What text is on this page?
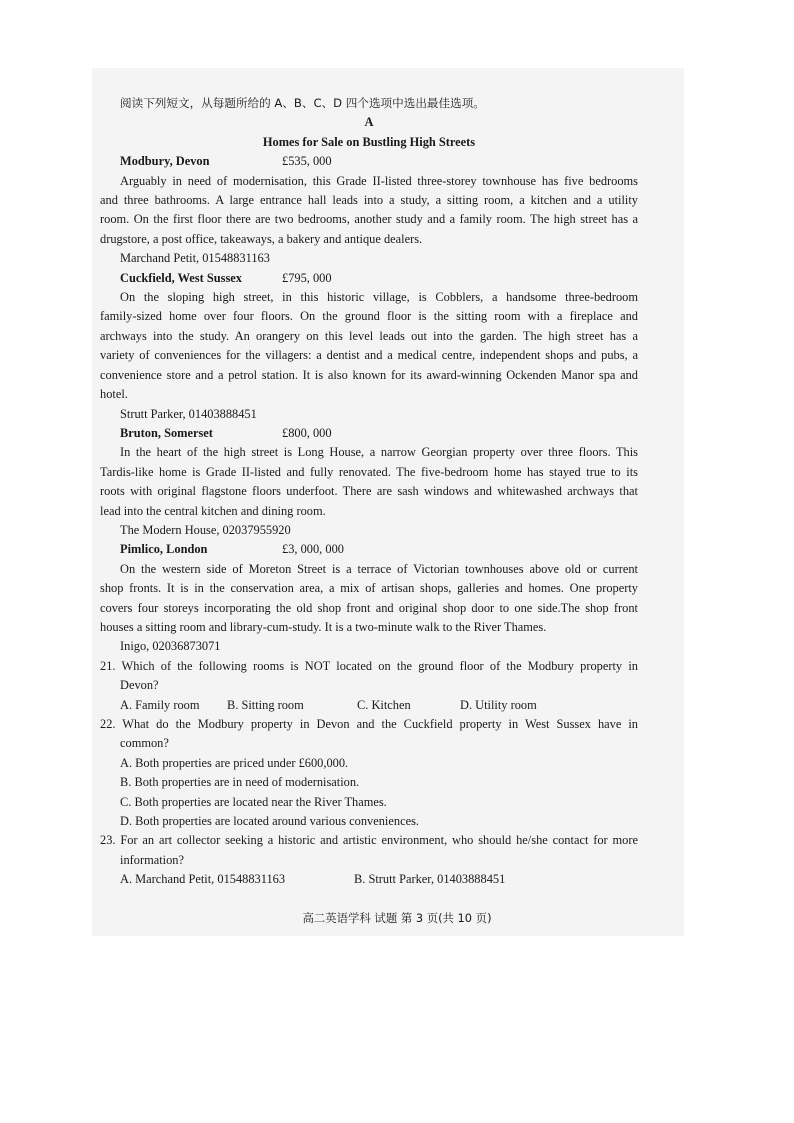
阅读下列短文，从每题所给的 A、B、C、D 四个选项中选出最佳选项。
A
Homes for Sale on Bustling High Streets
Modbury, Devon	£535, 000
Arguably in need of modernisation, this Grade II-listed three-storey townhouse has five bedrooms
and three bathrooms. A large entrance hall leads into a study, a sitting room, a kitchen and a utility
room. On the first floor there are two bedrooms, another study and a family room. The high street has a
drugstore, a post office, takeaways, a bakery and antique dealers.
Marchand Petit, 01548831163
Cuckfield, West Sussex	£795, 000
On the sloping high street, in this historic village, is Cobblers, a handsome three-bedroom
family-sized home over four floors. On the ground floor is the sitting room with a fireplace and
archways into the study. An orangery on this level leads out into the garden. The high street has a
variety of conveniences for the villagers: a dentist and a medical centre, independent shops and pubs, a
convenience store and a petrol station. It is also known for its award-winning Ockenden Manor spa and
hotel.
Strutt Parker, 01403888451
Bruton, Somerset	£800, 000
In the heart of the high street is Long House, a narrow Georgian property over three floors. This
Tardis-like home is Grade II-listed and fully renovated. The five-bedroom home has stayed true to its
roots with original flagstone floors underfoot. There are sash windows and whitewashed archways that
lead into the central kitchen and dining room.
The Modern House, 02037955920
Pimlico, London	£3, 000, 000
On the western side of Moreton Street is a terrace of Victorian townhouses above old or current
shop fronts. It is in the conservation area, a mix of artisan shops, galleries and homes. One property
covers four storeys incorporating the old shop front and original shop door to one side.The shop front
houses a sitting room and library-cum-study. It is a two-minute walk to the River Thames.
Inigo, 02036873071
21. Which of the following rooms is NOT located on the ground floor of the Modbury property in
Devon?
A. Family room B. Sitting room	C. Kitchen	D. Utility room
22. What do the Modbury property in Devon and the Cuckfield property in West Sussex have in
common?
A. Both properties are priced under £600,000.
B. Both properties are in need of modernisation.
C. Both properties are located near the River Thames.
D. Both properties are located around various conveniences.
23. For an art collector seeking a historic and artistic environment, who should he/she contact for more
information?
A. Marchand Petit, 01548831163	B. Strutt Parker, 01403888451
高二英语学科 试题 第 3 页(共 10 页)
